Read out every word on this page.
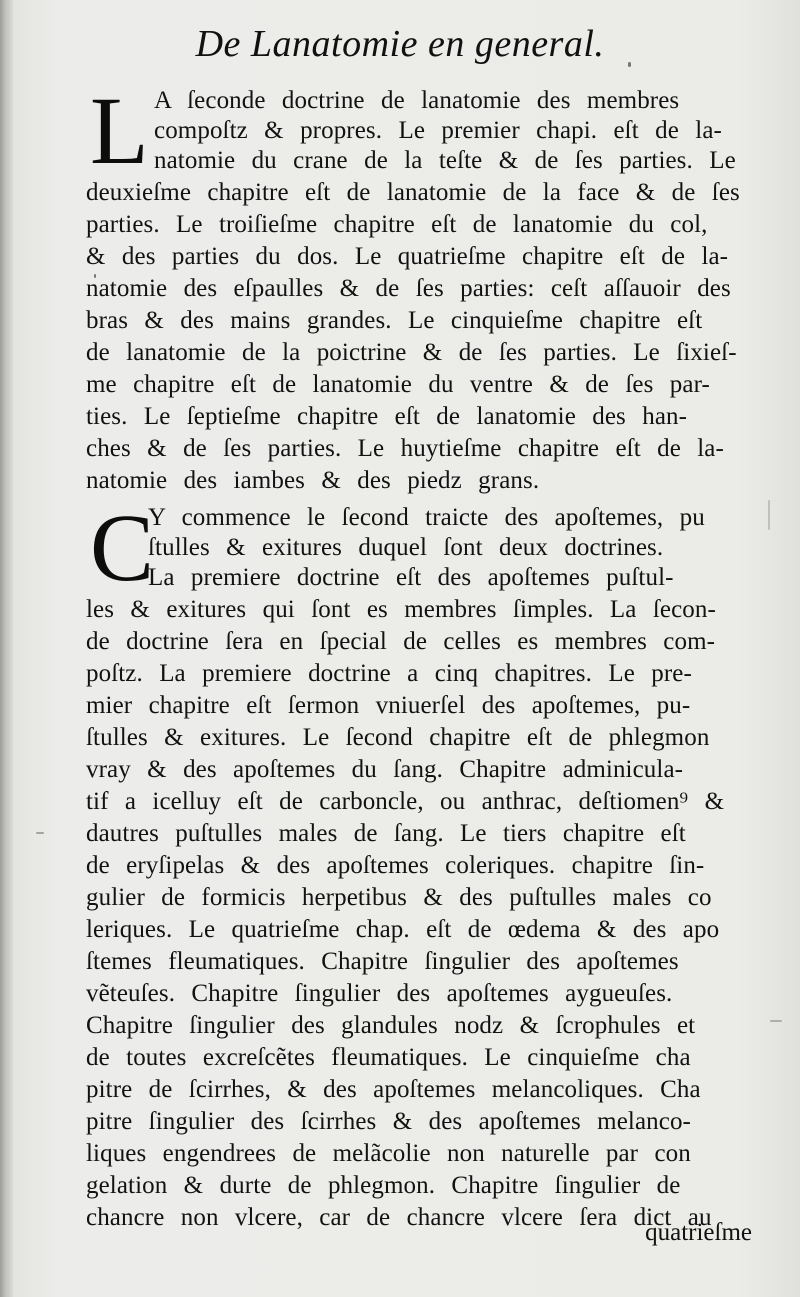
De Lanatomie en general.
L A ſeconde doctrine de lanatomie des membres
compoſtz & propres. Le premier chapi. eſt de la-
natomie du crane de la teſte & de ſes parties. Le
deuxieſme chapitre eſt de lanatomie de la face & de ſes
parties. Le troiſieſme chapitre eſt de lanatomie du col,
& des parties du dos. Le quatrieſme chapitre eſt de la-
natomie des eſpaulles & de ſes parties: ceſt aſſauoir des
bras & des mains grandes. Le cinquieſme chapitre eſt
de lanatomie de la poictrine & de ſes parties. Le ſixieſ-
me chapitre eſt de lanatomie du ventre & de ſes par-
ties. Le ſeptieſme chapitre eſt de lanatomie des han-
ches & de ſes parties. Le huytieſme chapitre eſt de la-
natomie des iambes & des piedz grans.
C
Y commence le ſecond traicte des apoſtemes, pu
ſtulles & exitures duquel ſont deux doctrines.
La premiere doctrine eſt des apoſtemes puſtul-
les & exitures qui ſont es membres ſimples. La ſecon-
de doctrine ſera en ſpecial de celles es membres com-
poſtz. La premiere doctrine a cinq chapitres. Le pre-
mier chapitre eſt ſermon vniuerſel des apoſtemes, pu-
ſtulles & exitures. Le ſecond chapitre eſt de phlegmon
vray & des apoſtemes du ſang. Chapitre adminicula-
tif a icelluy eſt de carboncle, ou anthrac, deſtiomen⁹ &
dautres puſtulles males de ſang. Le tiers chapitre eſt
de eryſipelas & des apoſtemes coleriques. chapitre ſin-
gulier de formicis herpetibus & des puſtulles males co
leriques. Le quatrieſme chap. eſt de œdema & des apo
ſtemes fleumatiques. Chapitre ſingulier des apoſtemes
vẽteuſes. Chapitre ſingulier des apoſtemes aygueuſes.
Chapitre ſingulier des glandules nodz & ſcrophules et
de toutes excreſcẽtes fleumatiques. Le cinquieſme cha
pitre de ſcirrhes, & des apoſtemes melancoliques. Cha
pitre ſingulier des ſcirrhes & des apoſtemes melanco-
liques engendrees de melãcolie non naturelle par con
gelation & durte de phlegmon. Chapitre ſingulier de
chancre non vlcere, car de chancre vlcere ſera dict au
quatrieſme
